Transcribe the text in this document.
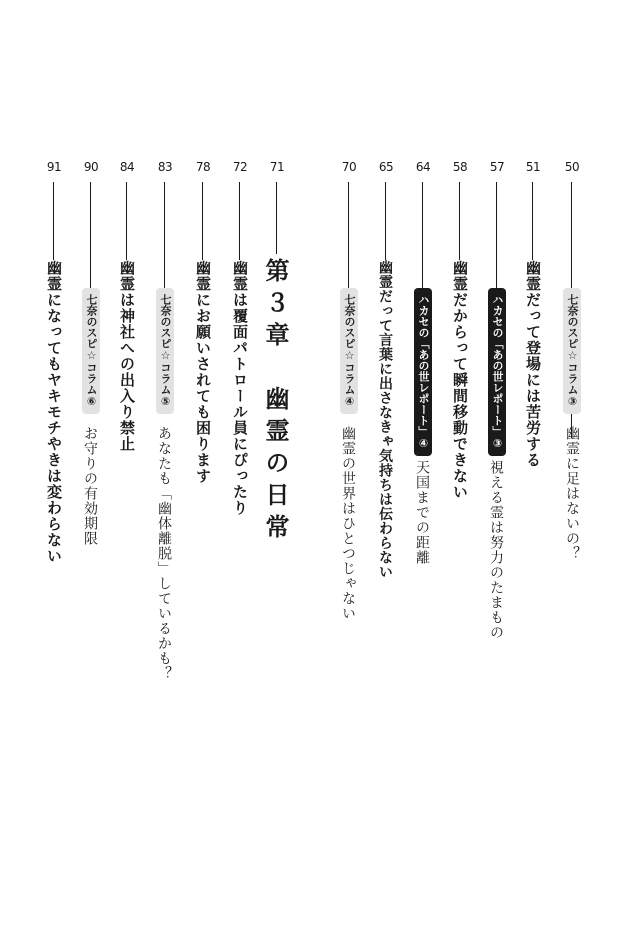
50
七奈のスピ☆コラム③
幽霊に足はないの？
51
幽霊だって登場には苦労する
57
ハカセの「あの世レポート」③
視える霊は努力のたまもの
58
幽霊だからって瞬間移動できない
64
ハカセの「あの世レポート」④
天国までの距離
65
幽霊だって言葉に出さなきゃ気持ちは伝わらない
70
七奈のスピ☆コラム④
幽霊の世界はひとつじゃない
71
第３章　幽霊の日常
72
幽霊は覆面パトロール員にぴったり
78
幽霊にお願いされても困ります
83
七奈のスピ☆コラム⑤
あなたも「幽体離脱」しているかも？
84
幽霊は神社への出入り禁止
90
七奈のスピ☆コラム⑥
お守りの有効期限
91
幽霊になってもヤキモチやきは変わらない
